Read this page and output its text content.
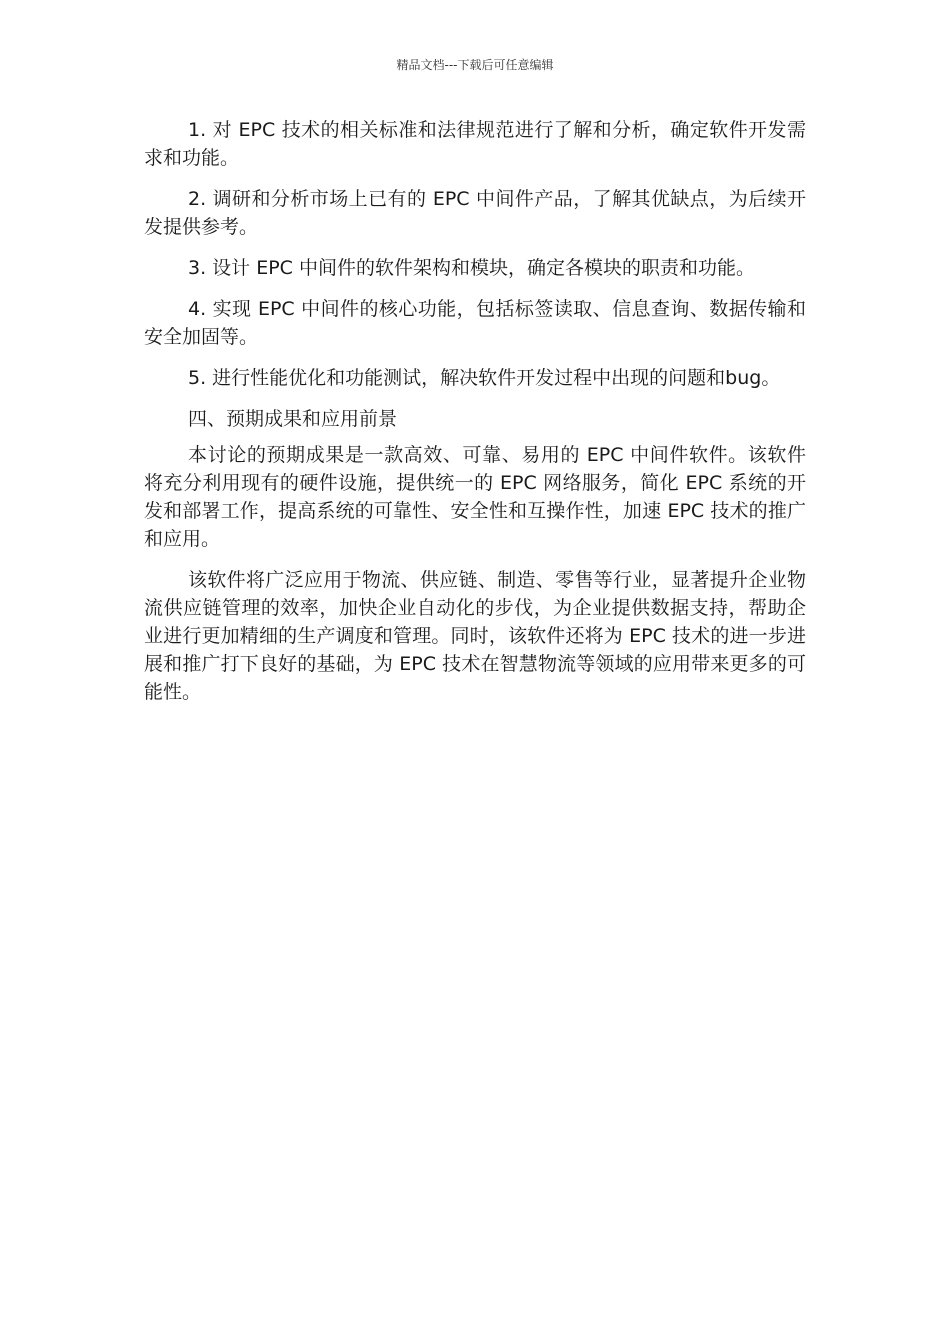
精品文档---下载后可任意编辑

1. 对 EPC 技术的相关标准和法律规范进行了解和分析，确定软件开发需求和功能。

2. 调研和分析市场上已有的 EPC 中间件产品，了解其优缺点，为后续开发提供参考。

3. 设计 EPC 中间件的软件架构和模块，确定各模块的职责和功能。

4. 实现 EPC 中间件的核心功能，包括标签读取、信息查询、数据传输和安全加固等。

5. 进行性能优化和功能测试，解决软件开发过程中出现的问题和bug。

四、预期成果和应用前景

本讨论的预期成果是一款高效、可靠、易用的 EPC 中间件软件。该软件将充分利用现有的硬件设施，提供统一的 EPC 网络服务，简化 EPC 系统的开发和部署工作，提高系统的可靠性、安全性和互操作性，加速 EPC 技术的推广和应用。

该软件将广泛应用于物流、供应链、制造、零售等行业，显著提升企业物流供应链管理的效率，加快企业自动化的步伐，为企业提供数据支持，帮助企业进行更加精细的生产调度和管理。同时，该软件还将为 EPC 技术的进一步进展和推广打下良好的基础，为 EPC 技术在智慧物流等领域的应用带来更多的可能性。
